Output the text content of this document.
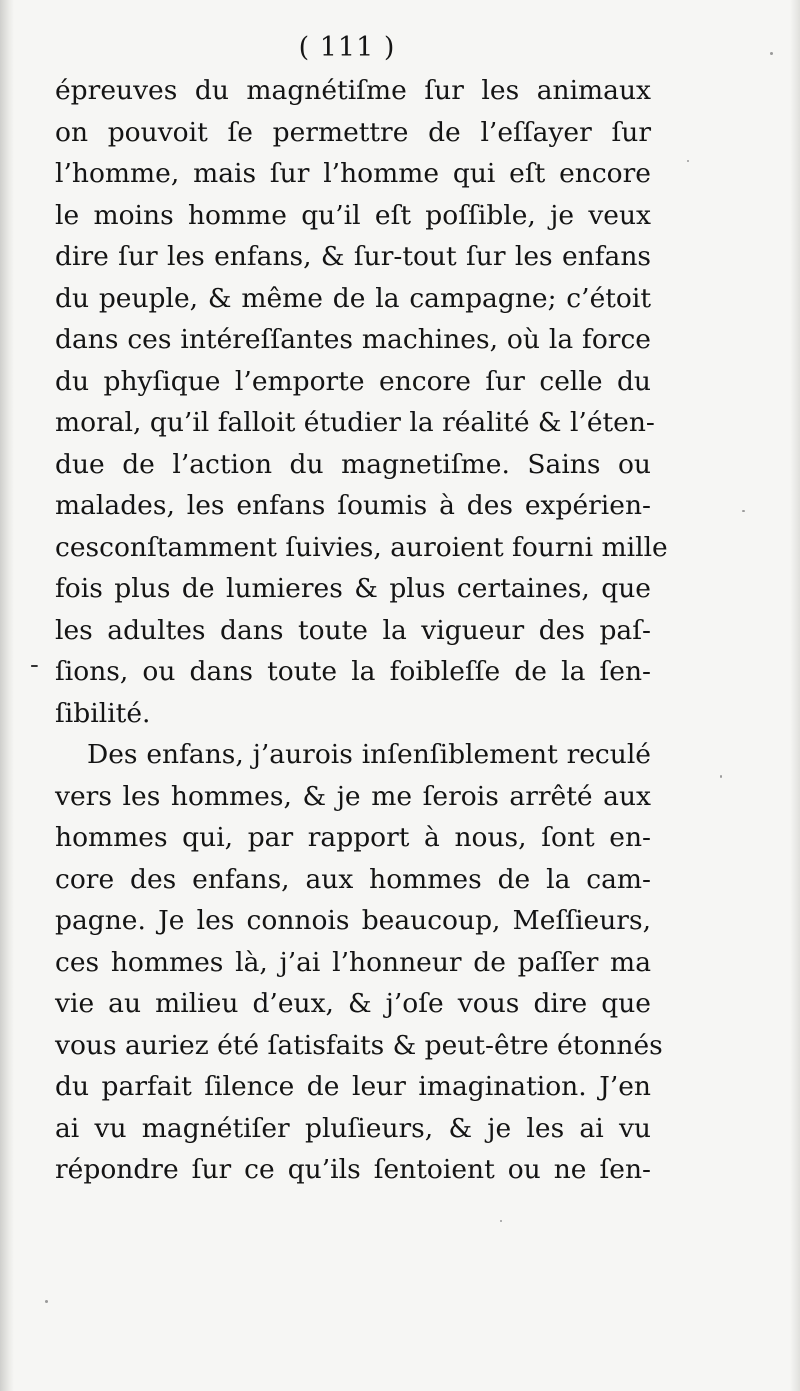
( 111 )
-
épreuves du magnétiſme ſur les animaux
on pouvoit ſe permettre de l’eſſayer ſur
l’homme, mais ſur l’homme qui eſt encore
le moins homme qu’il eſt poſſible, je veux
dire ſur les enfans, & ſur-tout ſur les enfans
du peuple, & même de la campagne; c’étoit
dans ces intéreſſantes machines, où la force
du phyſique l’emporte encore ſur celle du
moral, qu’il falloit étudier la réalité & l’éten-
due de l’action du magnetiſme. Sains ou
malades, les enfans ſoumis à des expérien-
cesconſtamment ſuivies, auroient fourni mille
fois plus de lumieres & plus certaines, que
les adultes dans toute la vigueur des paſ-
ſions, ou dans toute la foibleſſe de la ſen-
ſibilité.
Des enfans, j’aurois inſenſiblement reculé
vers les hommes, & je me ſerois arrêté aux
hommes qui, par rapport à nous, ſont en-
core des enfans, aux hommes de la cam-
pagne. Je les connois beaucoup, Meſſieurs,
ces hommes là, j’ai l’honneur de paſſer ma
vie au milieu d’eux, & j’oſe vous dire que
vous auriez été ſatisfaits & peut-être étonnés
du parfait ſilence de leur imagination. J’en
ai vu magnétiſer pluſieurs, & je les ai vu
répondre ſur ce qu’ils ſentoient ou ne ſen-
